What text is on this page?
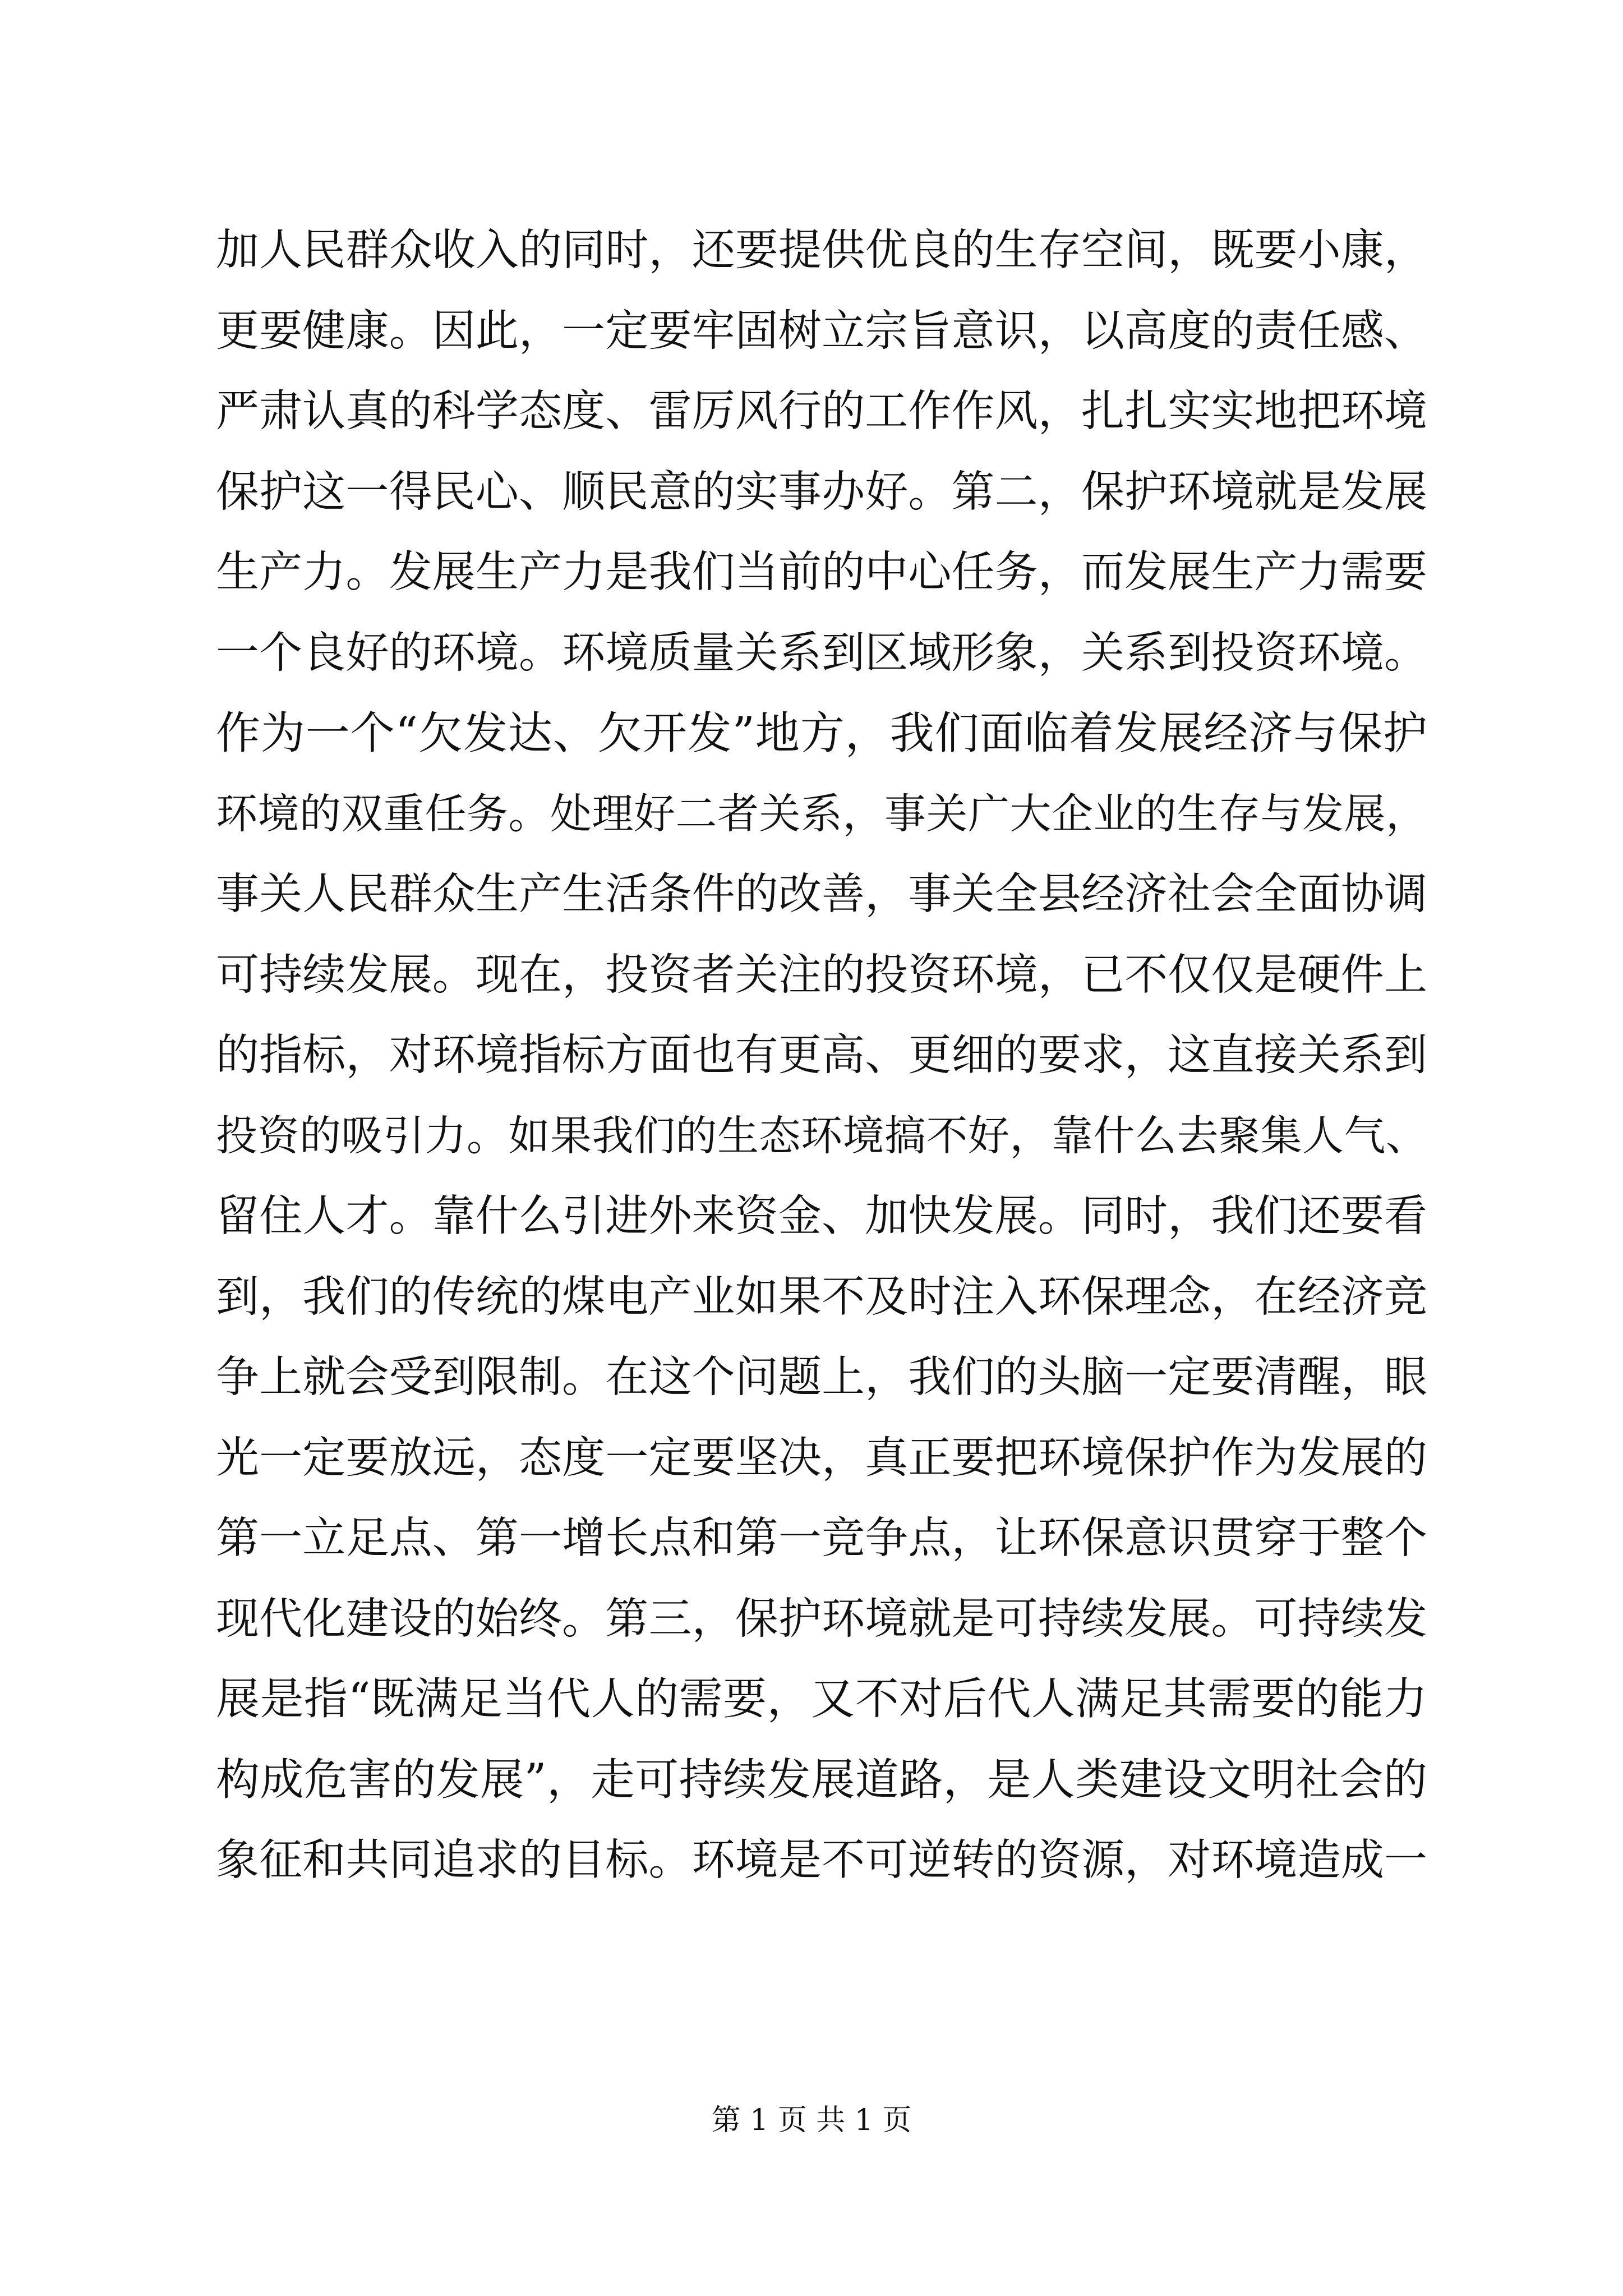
加人民群众收入的同时，还要提供优良的生存空间，既要小康，
更要健康。因此，一定要牢固树立宗旨意识，以高度的责任感、
严肃认真的科学态度、雷厉风行的工作作风，扎扎实实地把环境
保护这一得民心、顺民意的实事办好。第二，保护环境就是发展
生产力。发展生产力是我们当前的中心任务，而发展生产力需要
一个良好的环境。环境质量关系到区域形象，关系到投资环境。
作为一个“欠发达、欠开发”地方，我们面临着发展经济与保护
环境的双重任务。处理好二者关系，事关广大企业的生存与发展，
事关人民群众生产生活条件的改善，事关全县经济社会全面协调
可持续发展。现在，投资者关注的投资环境，已不仅仅是硬件上
的指标，对环境指标方面也有更高、更细的要求，这直接关系到
投资的吸引力。如果我们的生态环境搞不好，靠什么去聚集人气、
留住人才。靠什么引进外来资金、加快发展。同时，我们还要看
到，我们的传统的煤电产业如果不及时注入环保理念，在经济竞
争上就会受到限制。在这个问题上，我们的头脑一定要清醒，眼
光一定要放远，态度一定要坚决，真正要把环境保护作为发展的
第一立足点、第一增长点和第一竞争点，让环保意识贯穿于整个
现代化建设的始终。第三，保护环境就是可持续发展。可持续发
展是指“既满足当代人的需要，又不对后代人满足其需要的能力
构成危害的发展”，走可持续发展道路，是人类建设文明社会的
象征和共同追求的目标。环境是不可逆转的资源，对环境造成一
第 1 页 共 1 页
